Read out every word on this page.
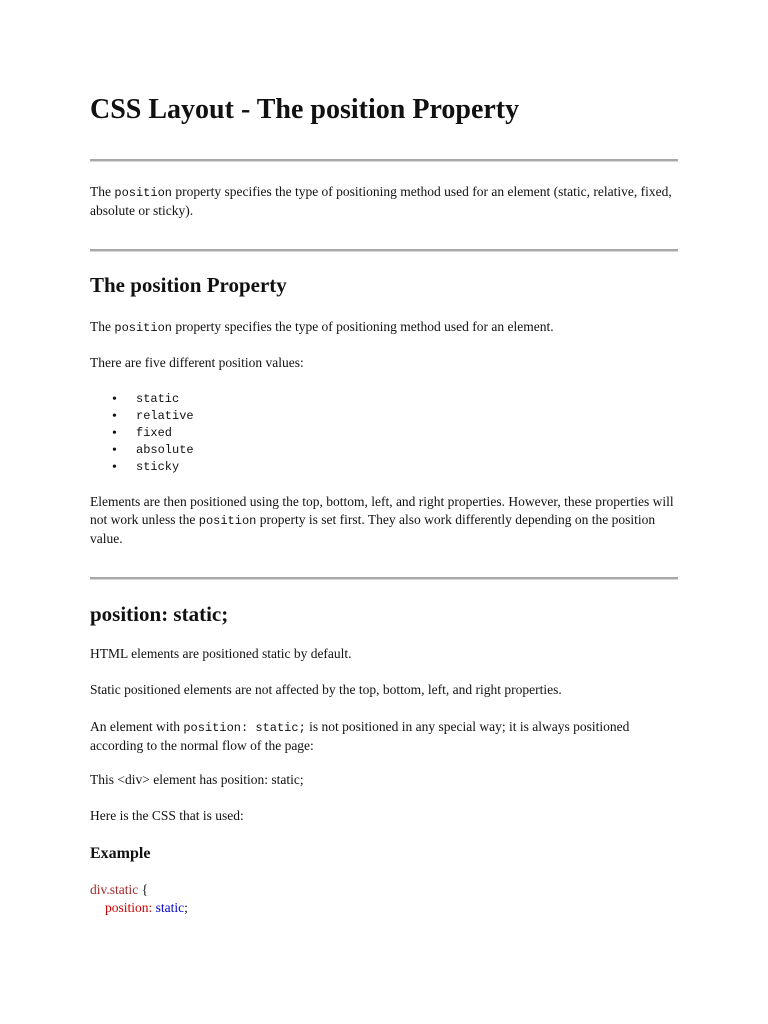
CSS Layout - The position Property

The position property specifies the type of positioning method used for an element (static, relative, fixed, absolute or sticky).

The position Property

The position property specifies the type of positioning method used for an element.

There are five different position values:

• static
• relative
• fixed
• absolute
• sticky

Elements are then positioned using the top, bottom, left, and right properties. However, these properties will not work unless the position property is set first. They also work differently depending on the position value.

position: static;

HTML elements are positioned static by default.

Static positioned elements are not affected by the top, bottom, left, and right properties.

An element with position: static; is not positioned in any special way; it is always positioned according to the normal flow of the page:

This <div> element has position: static;

Here is the CSS that is used:

Example
div.static {
position: static;
